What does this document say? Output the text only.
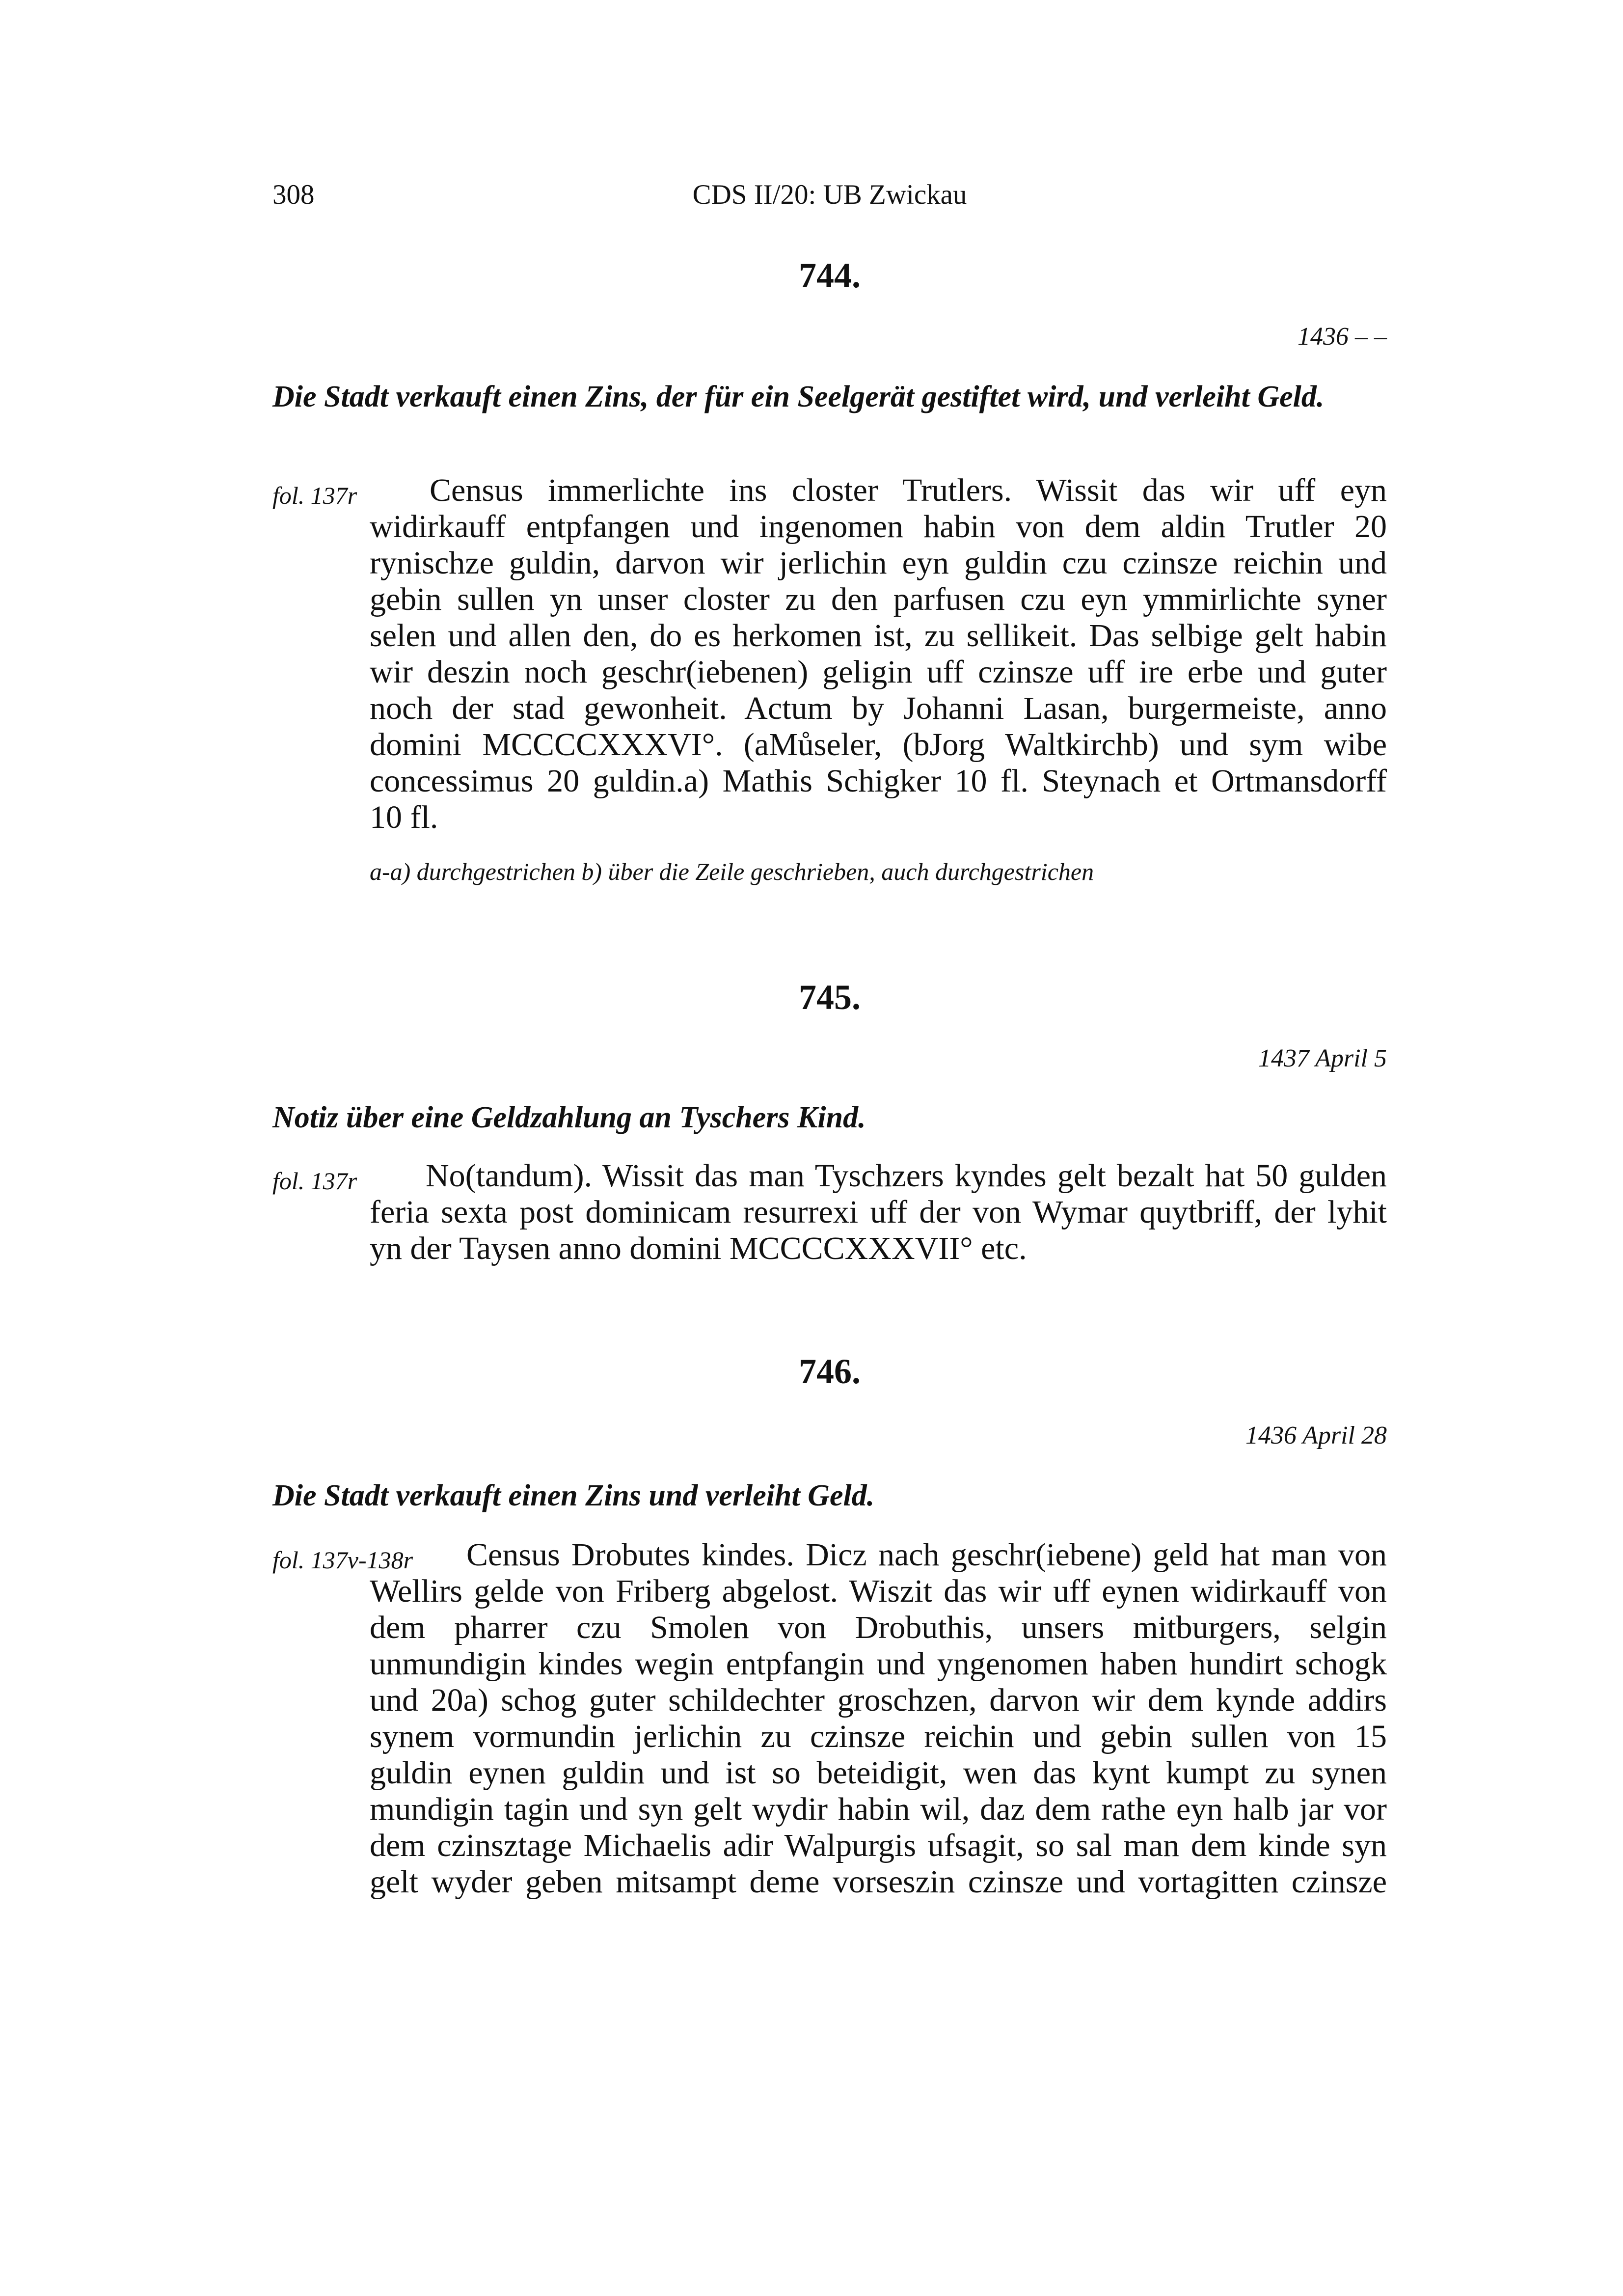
308	CDS II/20: UB Zwickau
744.
1436 – –
Die Stadt verkauft einen Zins, der für ein Seelgerät gestiftet wird, und verleiht Geld.
fol. 137r	Census immerlichte ins closter Trutlers. Wissit das wir uff eyn
widirkauff entpfangen und ingenomen habin von dem aldin Trutler 20
rynischze guldin, darvon wir jerlichin eyn guldin czu czinsze reichin und
gebin sullen yn unser closter zu den parfusen czu eyn ymmirlichte syner
selen und allen den, do es herkomen ist, zu sellikeit. Das selbige gelt habin
wir deszin noch geschr(iebenen) geligin uff czinsze uff ire erbe und guter
noch der stad gewonheit. Actum by Johanni Lasan, burgermeiste, anno
domini MCCCCXXXVI°. (aMůseler, (bJorg Waltkirchb) und sym wibe
concessimus 20 guldin.a) Mathis Schigker 10 fl. Steynach et Ortmansdorff
10 fl.
a-a) durchgestrichen b) über die Zeile geschrieben, auch durchgestrichen
745.
1437 April 5
Notiz über eine Geldzahlung an Tyschers Kind.
fol. 137r	No(tandum). Wissit das man Tyschzers kyndes gelt bezalt hat 50 gulden
feria sexta post dominicam resurrexi uff der von Wymar quytbriff, der lyhit
yn der Taysen anno domini MCCCCXXXVII° etc.
746.
1436 April 28
Die Stadt verkauft einen Zins und verleiht Geld.
fol. 137v-138r	Census Drobutes kindes. Dicz nach geschr(iebene) geld hat man von
Wellirs gelde von Friberg abgelost. Wiszit das wir uff eynen widirkauff von
dem pharrer czu Smolen von Drobuthis, unsers mitburgers, selgin
unmundigin kindes wegin entpfangin und yngenomen haben hundirt schogk
und 20a) schog guter schildechter groschzen, darvon wir dem kynde addirs
synem vormundin jerlichin zu czinsze reichin und gebin sullen von 15
guldin eynen guldin und ist so beteidigit, wen das kynt kumpt zu synen
mundigin tagin und syn gelt wydir habin wil, daz dem rathe eyn halb jar vor
dem czinsztage Michaelis adir Walpurgis ufsagit, so sal man dem kinde syn
gelt wyder geben mitsampt deme vorseszin czinsze und vortagitten czinsze
